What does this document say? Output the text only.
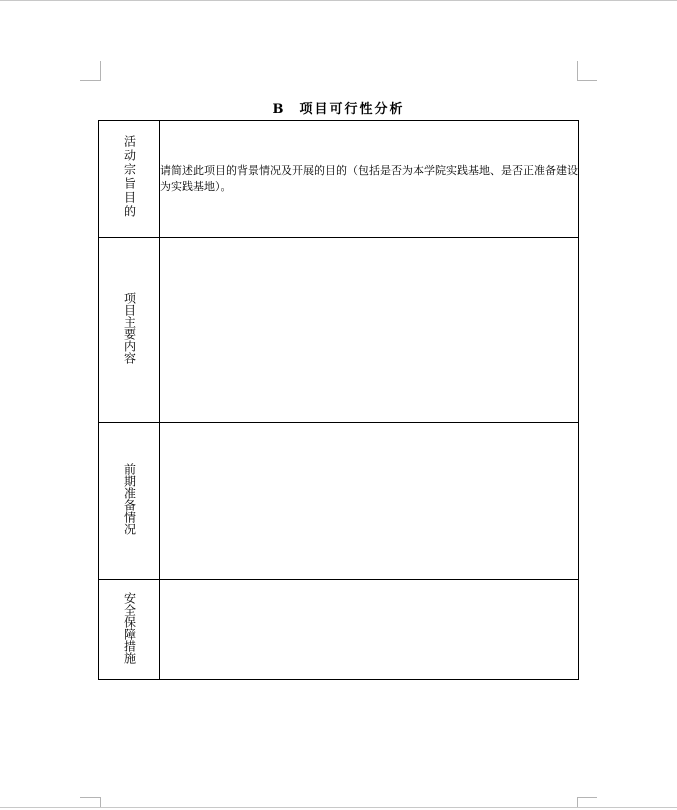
B 项目可行性分析
活动宗旨目的	请简述此项目的背景情况及开展的目的（包括是否为本学院实践基地、是否正准备建设为实践基地）。

项目主要内容	
前期准备情况	
安全保障措施	
